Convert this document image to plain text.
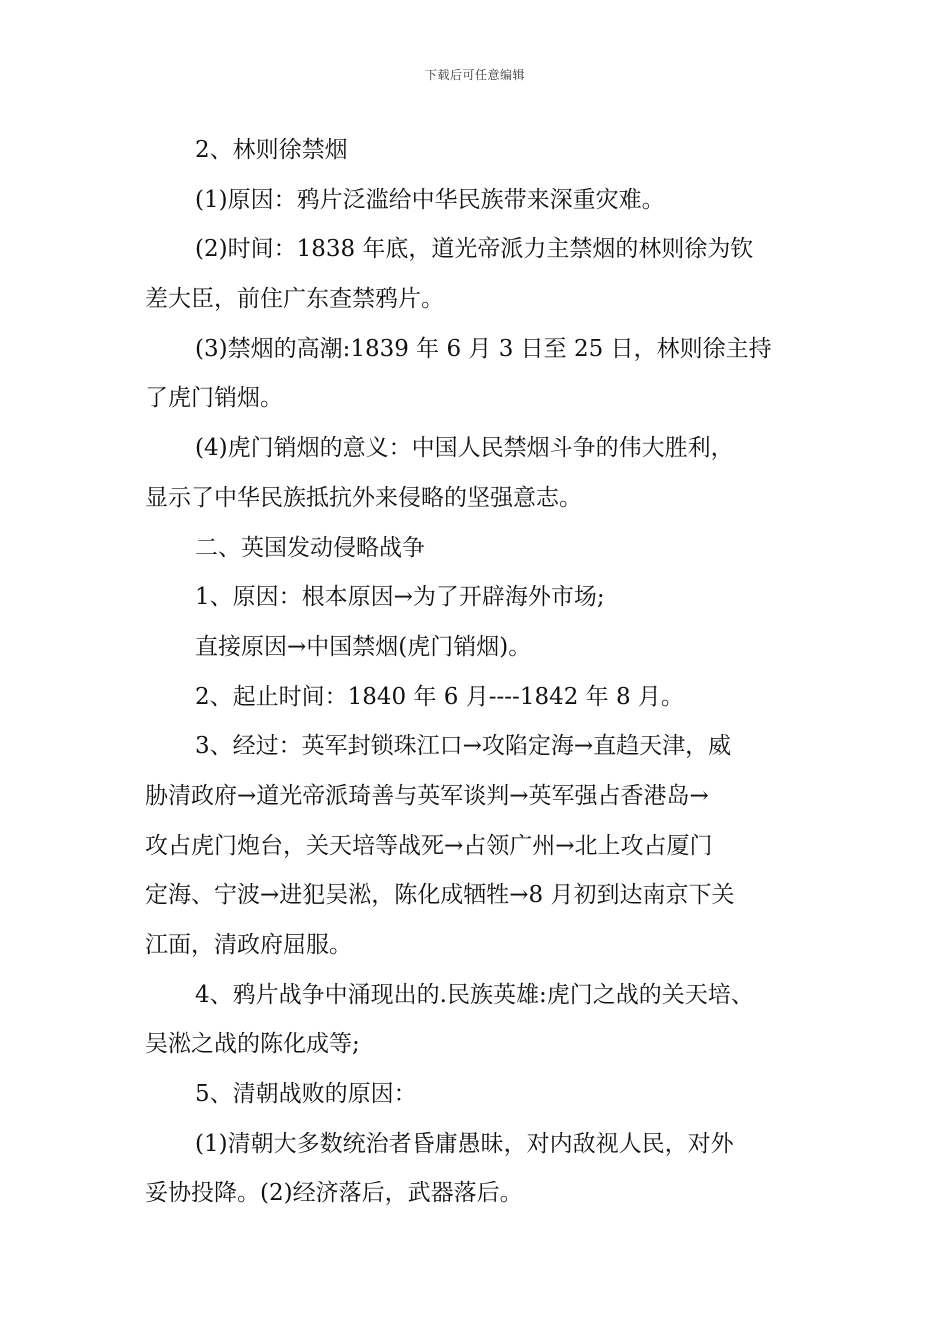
下载后可任意编辑
2、林则徐禁烟
(1)原因：鸦片泛滥给中华民族带来深重灾难。
(2)时间：1838 年底，道光帝派力主禁烟的林则徐为钦
差大臣，前住广东查禁鸦片。
(3)禁烟的高潮:1839 年 6 月 3 日至 25 日，林则徐主持
了虎门销烟。
(4)虎门销烟的意义：中国人民禁烟斗争的伟大胜利，
显示了中华民族抵抗外来侵略的坚强意志。
二、英国发动侵略战争
1、原因：根本原因→为了开辟海外市场;
直接原因→中国禁烟(虎门销烟)。
2、起止时间：1840 年 6 月----1842 年 8 月。
3、经过：英军封锁珠江口→攻陷定海→直趋天津，威
胁清政府→道光帝派琦善与英军谈判→英军强占香港岛→
攻占虎门炮台，关天培等战死→占领广州→北上攻占厦门
定海、宁波→进犯吴淞，陈化成牺牲→8 月初到达南京下关
江面，清政府屈服。
4、鸦片战争中涌现出的.民族英雄:虎门之战的关天培、
吴淞之战的陈化成等;
5、清朝战败的原因：
(1)清朝大多数统治者昏庸愚昧，对内敌视人民，对外
妥协投降。(2)经济落后，武器落后。
